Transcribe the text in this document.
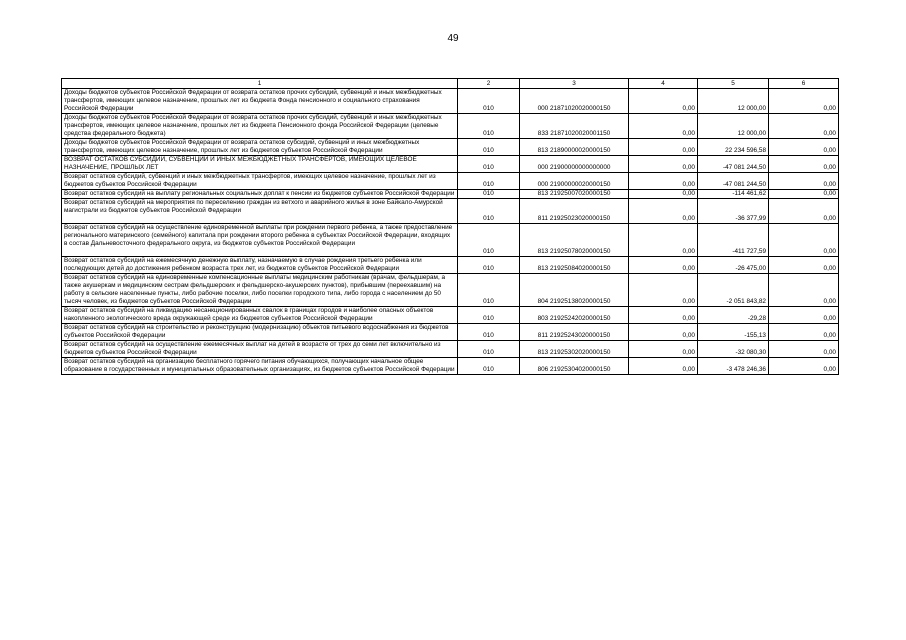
49
1	2	3	4	5	6
Доходы бюджетов субъектов Российской Федерации от возврата остатков прочих субсидий, субвенций и иных межбюджетных трансфертов, имеющих целевое назначение, прошлых лет из бюджета Фонда пенсионного и социального страхования Российской Федерации	010	000 21871020020000150	0,00	12 000,00	0,00
Доходы бюджетов субъектов Российской Федерации от возврата остатков прочих субсидий, субвенций и иных межбюджетных трансфертов, имеющих целевое назначение, прошлых лет из бюджета Пенсионного фонда Российской Федерации (целевые средства федерального бюджета)	010	833 21871020020001150	0,00	12 000,00	0,00
Доходы бюджетов субъектов Российской Федерации от возврата остатков субсидий, субвенций и иных межбюджетных трансфертов, имеющих целевое назначение, прошлых лет из бюджетов субъектов Российской Федерации	010	813 21890000020000150	0,00	22 234 596,58	0,00
ВОЗВРАТ ОСТАТКОВ СУБСИДИЙ, СУБВЕНЦИЙ И ИНЫХ МЕЖБЮДЖЕТНЫХ ТРАНСФЕРТОВ, ИМЕЮЩИХ ЦЕЛЕВОЕ НАЗНАЧЕНИЕ, ПРОШЛЫХ ЛЕТ	010	000 21900000000000000	0,00	-47 081 244,50	0,00
Возврат остатков субсидий, субвенций и иных межбюджетных трансфертов, имеющих целевое назначение, прошлых лет из бюджетов субъектов Российской Федерации	010	000 21900000020000150	0,00	-47 081 244,50	0,00
Возврат остатков субсидий на выплату региональных социальных доплат к пенсии из бюджетов субъектов Российской Федерации	010	813 21925007020000150	0,00	-114 461,62	0,00
Возврат остатков субсидий на мероприятия по переселению граждан из ветхого и аварийного жилья в зоне Байкало-Амурской магистрали из бюджетов субъектов Российской Федерации	010	811 21925023020000150	0,00	-36 377,99	0,00
Возврат остатков субсидий на осуществление единовременной выплаты при рождении первого ребенка, а также предоставление регионального материнского (семейного) капитала при рождении второго ребенка в субъектах Российской Федерации, входящих в состав Дальневосточного федерального округа, из бюджетов субъектов Российской Федерации	010	813 21925078020000150	0,00	-411 727,59	0,00
Возврат остатков субсидий на ежемесячную денежную выплату, назначаемую в случае рождения третьего ребенка или последующих детей до достижения ребенком возраста трех лет, из бюджетов субъектов Российской Федерации	010	813 21925084020000150	0,00	-26 475,00	0,00
Возврат остатков субсидий на единовременные компенсационные выплаты медицинским работникам (врачам, фельдшерам, а также акушеркам и медицинским сестрам фельдшерских и фельдшерско-акушерских пунктов), прибывшим (переехавшим) на работу в сельские населенные пункты, либо рабочие поселки, либо поселки городского типа, либо города с населением до 50 тысяч человек, из бюджетов субъектов Российской Федерации	010	804 21925138020000150	0,00	-2 051 843,82	0,00
Возврат остатков субсидий на ликвидацию несанкционированных свалок в границах городов и наиболее опасных объектов накопленного экологического вреда окружающей среде из бюджетов субъектов Российской Федерации	010	803 21925242020000150	0,00	-29,28	0,00
Возврат остатков субсидий на строительство и реконструкцию (модернизацию) объектов питьевого водоснабжения из бюджетов субъектов Российской Федерации	010	811 21925243020000150	0,00	-155,13	0,00
Возврат остатков субсидий на осуществление ежемесячных выплат на детей в возрасте от трех до семи лет включительно из бюджетов субъектов Российской Федерации	010	813 21925302020000150	0,00	-32 080,30	0,00
Возврат остатков субсидий на организацию бесплатного горячего питания обучающихся, получающих начальное общее образование в государственных и муниципальных образовательных организациях, из бюджетов субъектов Российской Федерации	010	806 21925304020000150	0,00	-3 478 246,36	0,00
